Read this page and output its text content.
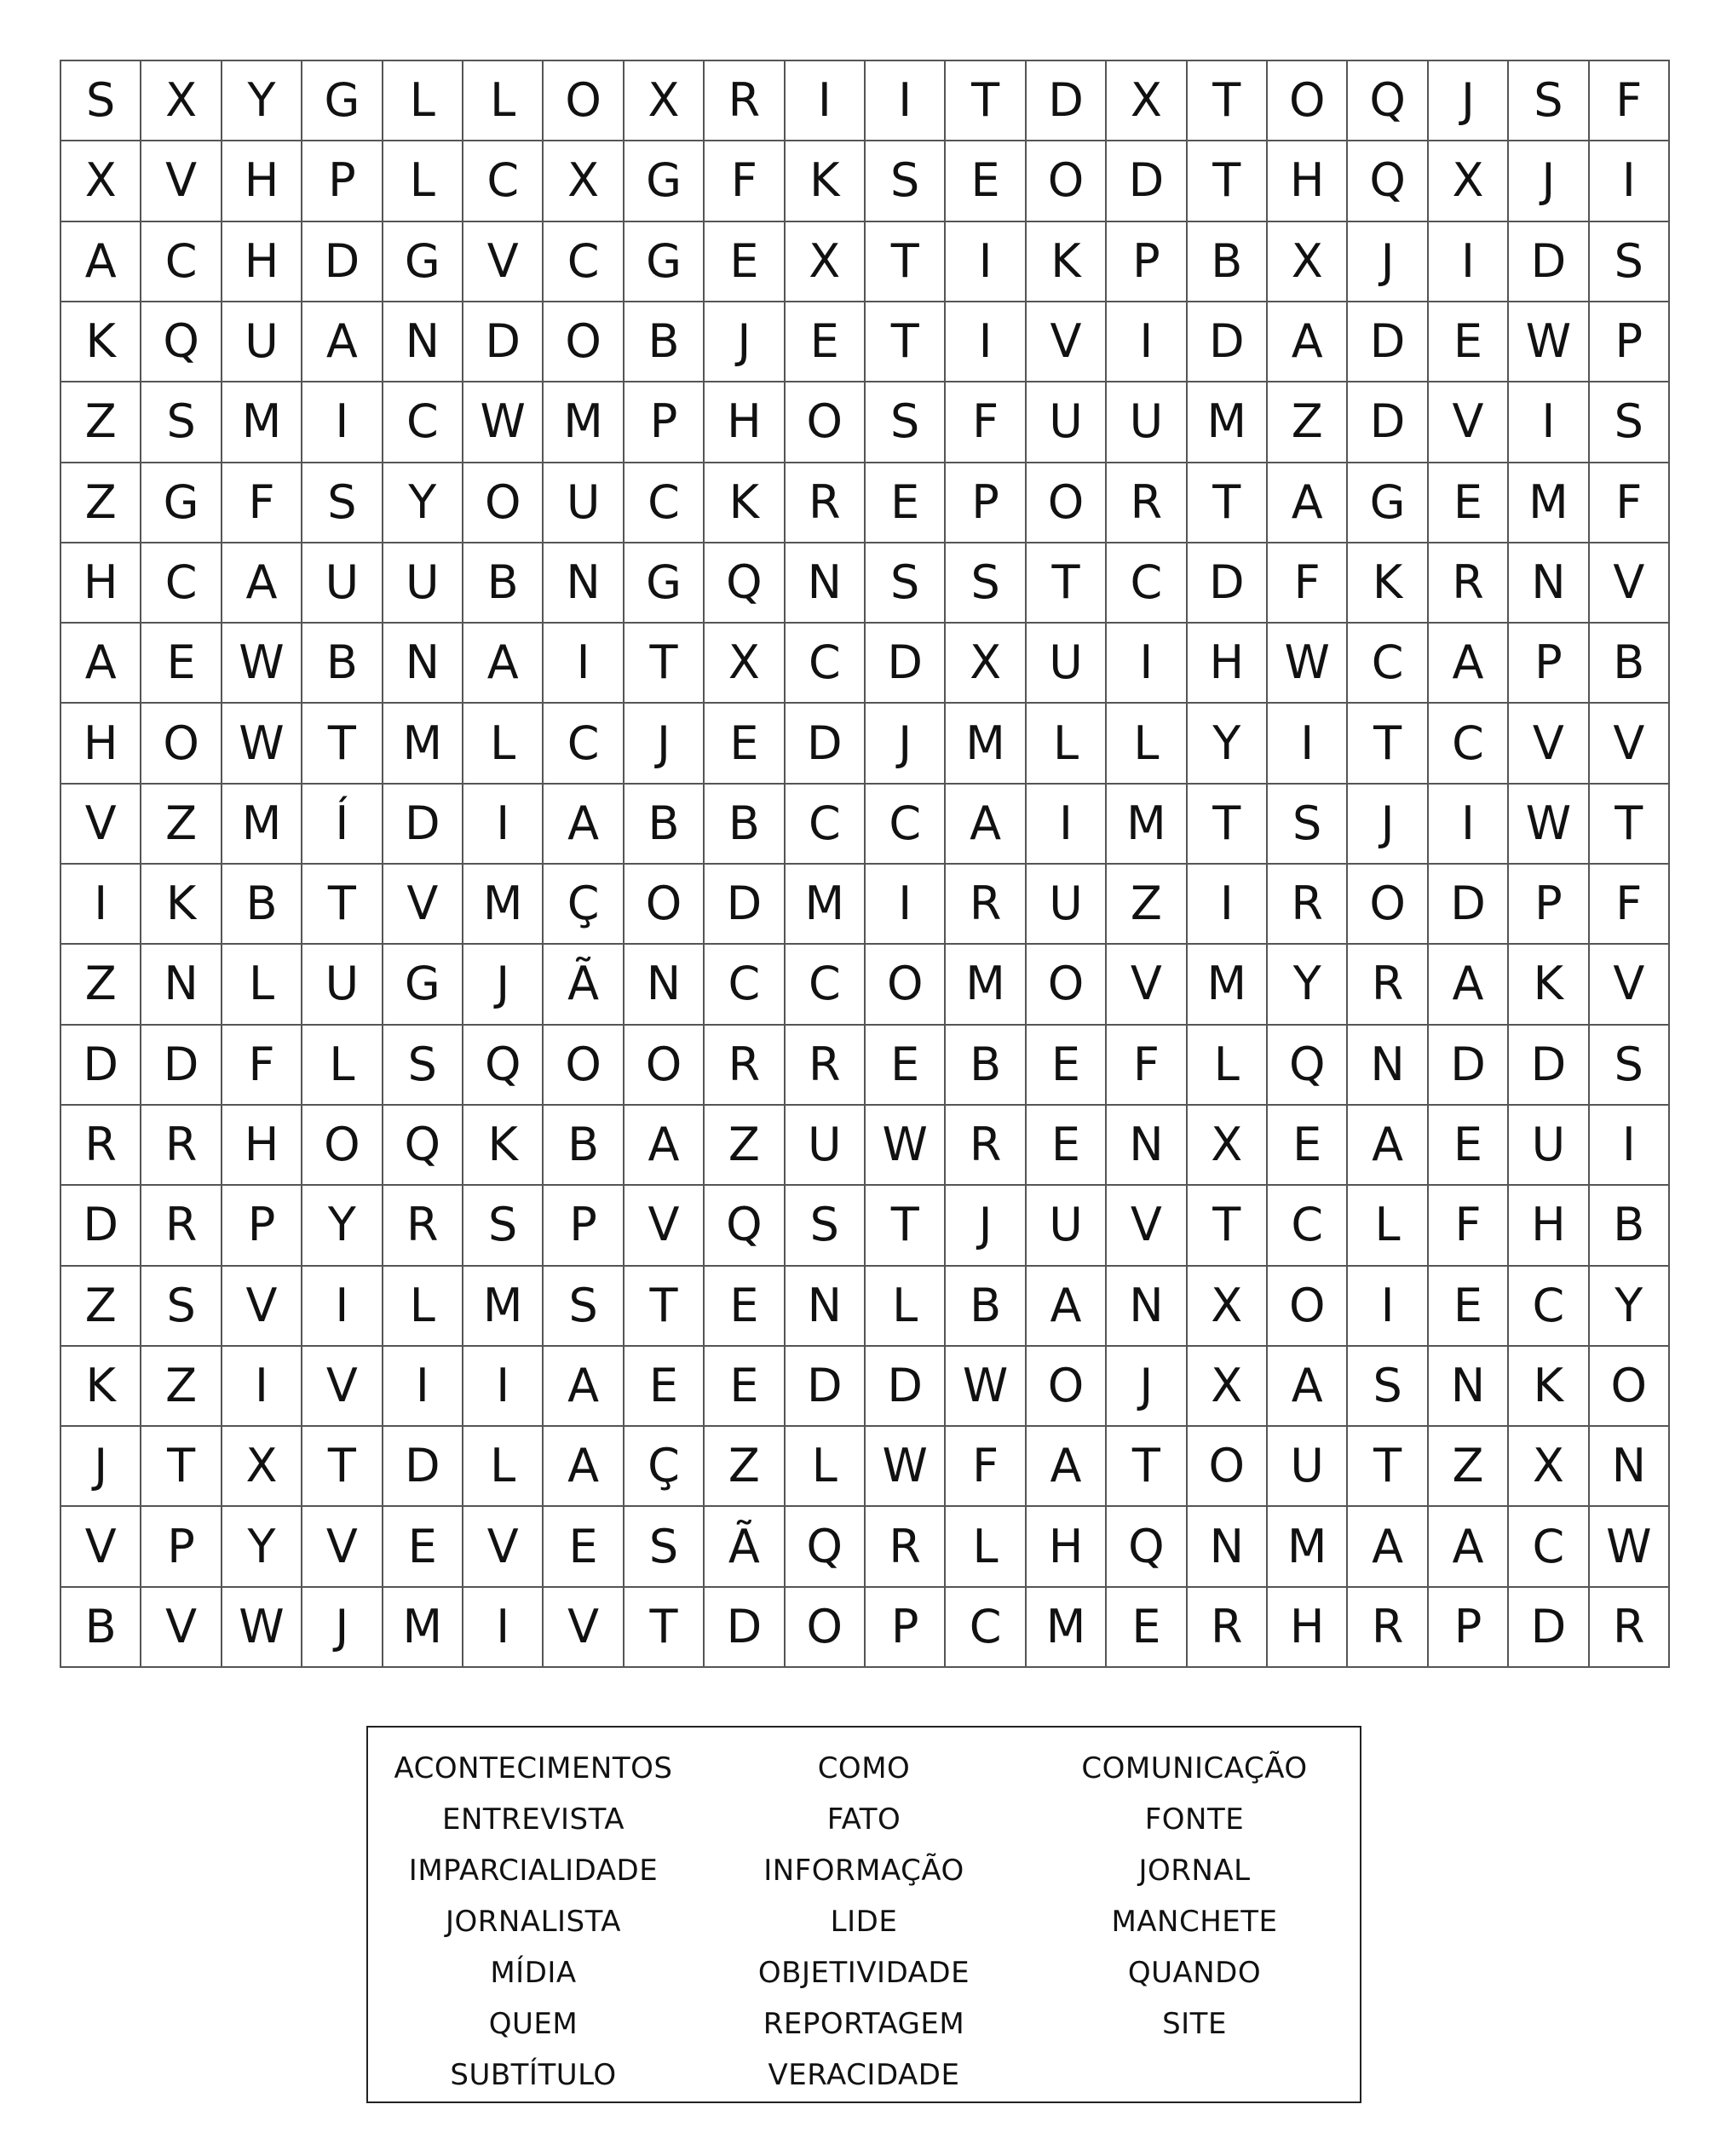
S	X	Y	G	L	L	O	X	R	I	I	T	D	X	T	O Q	J	S	F
X	V	H	P	L	C	X	G	F	K	S	E	O D	T	H Q	X	J	I
A	C	H D G	V	C	G	E	X	T	I	K	P	B	X	J	I	D	S
K	Q U	A	N D O	B	J	E	T	I	V	I	D	A	D	E W P
Z	S M	I	C W M	P	H O	S	F	U	U M Z	D	V	I	S
Z	G	F	S	Y	O U	C	K	R	E	P	O	R	T	A	G	E	M	F
H	C	A	U	U	B	N G Q N	S	S	T	C	D	F	K	R	N	V
A	E W B	N	A	I	T	X	C	D	X	U	I	H W C	A	P	B
H O W T	M	L	C	J	E	D	J	M	L	L	Y	I	T	C	V	V
V	Z M	Í	D	I	A	B	B	C	C	A	I	M	T	S	J	I	W T
I	K	B	T	V M Ç	O D M	I	R	U	Z	I	R	O D	P	F
Z	N	L	U G	J	Ã	N	C	C	O M O	V M	Y	R	A	K	V
D D	F	L	S	Q O O	R	R	E	B	E	F	L	Q N D D	S
R	R	H O Q	K	B	A	Z	U W R	E	N	X	E	A	E	U	I
D	R	P	Y	R	S	P	V	Q	S	T	J	U	V	T	C	L	F	H	B
Z	S	V	I	L	M S	T	E	N	L	B	A	N	X	O	I	E	C	Y
K	Z	I	V	I	I	A	E	E	D D W O	J	X	A	S	N	K	O
J	T	X	T	D	L	A	Ç	Z	L W F	A	T	O U	T	Z	X	N
V	P	Y	V	E	V	E	S	Ã	Q	R	L	H Q N M A	A	C W
B	V W	J	M	I	V	T	D O	P	C M	E	R	H	R	P	D	R
ACONTECIMENTOS	COMO	COMUNICAÇÃO
ENTREVISTA	FATO	FONTE
IMPARCIALIDADE	INFORMAÇÃO	JORNAL
JORNALISTA	LIDE	MANCHETE
MÍDIA	OBJETIVIDADE	QUANDO
QUEM	REPORTAGEM	SITE
SUBTÍTULO	VERACIDADE
